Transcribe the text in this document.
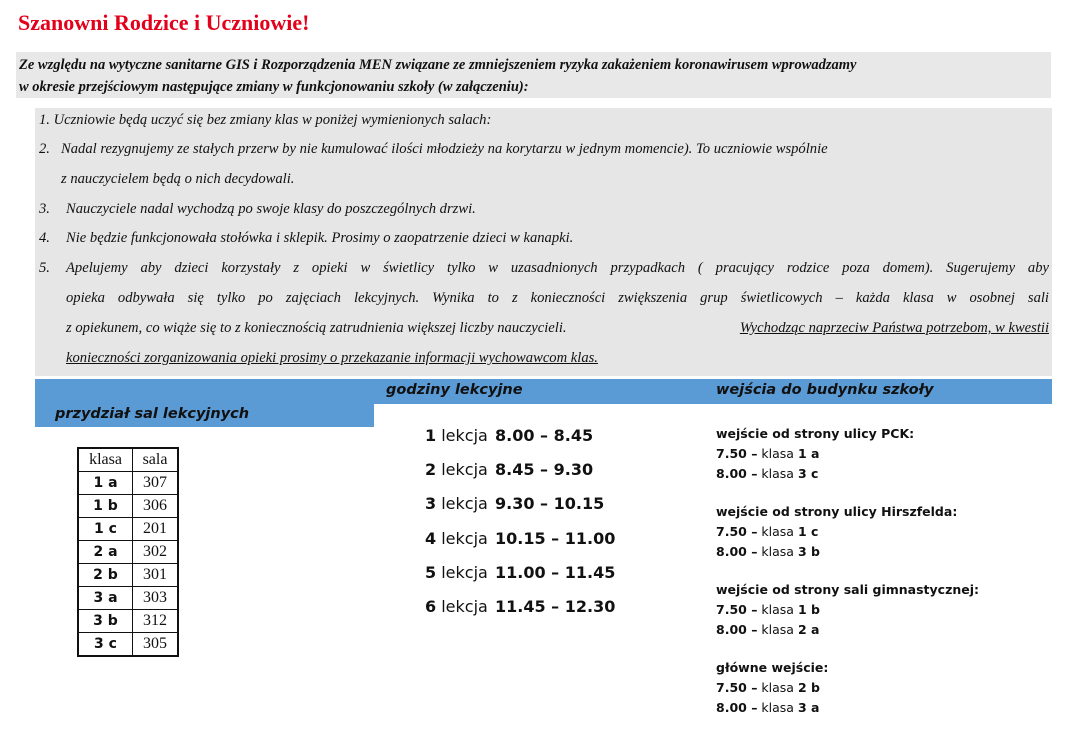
Szanowni Rodzice i Uczniowie!
Ze względu na wytyczne sanitarne GIS i Rozporządzenia MEN związane ze zmniejszeniem ryzyka zakażeniem koronawirusem wprowadzamy
w okresie przejściowym następujące zmiany w funkcjonowaniu szkoły (w załączeniu):
1. Uczniowie będą uczyć się bez zmiany klas w poniżej wymienionych salach:
2. Nadal rezygnujemy ze stałych przerw by nie kumulować ilości młodzieży na korytarzu w jednym momencie). To uczniowie wspólnie
z nauczycielem będą o nich decydowali.
3. Nauczyciele nadal wychodzą po swoje klasy do poszczególnych drzwi.
4. Nie będzie funkcjonowała stołówka i sklepik. Prosimy o zaopatrzenie dzieci w kanapki.
5. Apelujemy aby dzieci korzystały z opieki w świetlicy tylko w uzasadnionych przypadkach ( pracujący rodzice poza domem). Sugerujemy aby
opieka odbywała się tylko po zajęciach lekcyjnych. Wynika to z konieczności zwiększenia grup świetlicowych – każda klasa w osobnej sali
z opiekunem, co wiąże się to z koniecznością zatrudnienia większej liczby nauczycieli.	Wychodząc naprzeciw Państwa potrzebom, w kwestii
konieczności zorganizowania opieki prosimy o przekazanie informacji wychowawcom klas.
przydział sal lekcyjnych
godziny lekcyjne	wejścia do budynku szkoły
klasa	sala
1 a	307
1 b	306
1 c	201
2 a	302
2 b	301
3 a	303
3 b	312
3 c	305
1 lekcja 8.00 – 8.45
2 lekcja 8.45 – 9.30
3 lekcja 9.30 – 10.15
4 lekcja 10.15 – 11.00
5 lekcja 11.00 – 11.45
6 lekcja 11.45 – 12.30
wejście od strony ulicy PCK:
7.50 – klasa 1 a
8.00 – klasa 3 c
wejście od strony ulicy Hirszfelda:
7.50 – klasa 1 c
8.00 – klasa 3 b
wejście od strony sali gimnastycznej:
7.50 – klasa 1 b
8.00 – klasa 2 a
główne wejście:
7.50 – klasa 2 b
8.00 – klasa 3 a
